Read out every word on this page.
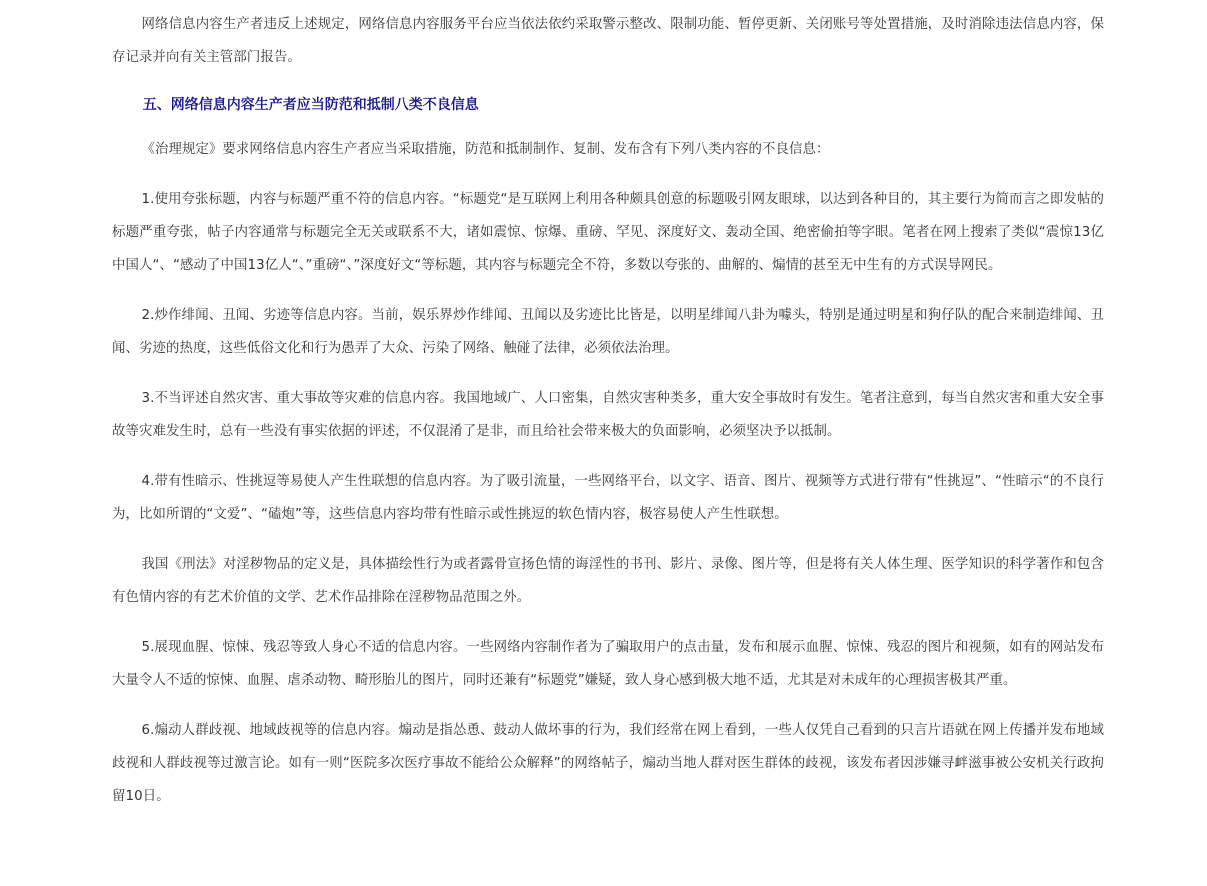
网络信息内容生产者违反上述规定，网络信息内容服务平台应当依法依约采取警示整改、限制功能、暂停更新、关闭账号等处置措施，及时消除违法信息内容，保存记录并向有关主管部门报告。

五、网络信息内容生产者应当防范和抵制八类不良信息

《治理规定》要求网络信息内容生产者应当采取措施，防范和抵制制作、复制、发布含有下列八类内容的不良信息：

1.使用夸张标题，内容与标题严重不符的信息内容。“标题党“是互联网上利用各种颇具创意的标题吸引网友眼球，以达到各种目的，其主要行为简而言之即发帖的标题严重夸张，帖子内容通常与标题完全无关或联系不大，诸如震惊、惊爆、重磅、罕见、深度好文、轰动全国、绝密偷拍等字眼。笔者在网上搜索了类似“震惊13亿中国人“、“感动了中国13亿人“、”重磅“、”深度好文“等标题，其内容与标题完全不符，多数以夸张的、曲解的、煽情的甚至无中生有的方式误导网民。

2.炒作绯闻、丑闻、劣迹等信息内容。当前，娱乐界炒作绯闻、丑闻以及劣迹比比皆是，以明星绯闻八卦为噱头，特别是通过明星和狗仔队的配合来制造绯闻、丑闻、劣迹的热度，这些低俗文化和行为愚弄了大众、污染了网络、触碰了法律，必须依法治理。

3.不当评述自然灾害、重大事故等灾难的信息内容。我国地域广、人口密集，自然灾害种类多，重大安全事故时有发生。笔者注意到，每当自然灾害和重大安全事故等灾难发生时，总有一些没有事实依据的评述，不仅混淆了是非，而且给社会带来极大的负面影响，必须坚决予以抵制。

4.带有性暗示、性挑逗等易使人产生性联想的信息内容。为了吸引流量，一些网络平台，以文字、语音、图片、视频等方式进行带有“性挑逗”、“性暗示“的不良行为，比如所谓的“文爱”、“磕炮”等，这些信息内容均带有性暗示或性挑逗的软色情内容，极容易使人产生性联想。

我国《刑法》对淫秽物品的定义是，具体描绘性行为或者露骨宣扬色情的诲淫性的书刊、影片、录像、图片等，但是将有关人体生理、医学知识的科学著作和包含有色情内容的有艺术价值的文学、艺术作品排除在淫秽物品范围之外。

5.展现血腥、惊悚、残忍等致人身心不适的信息内容。一些网络内容制作者为了骗取用户的点击量，发布和展示血腥、惊悚、残忍的图片和视频，如有的网站发布大量令人不适的惊悚、血腥、虐杀动物、畸形胎儿的图片，同时还兼有“标题党”嫌疑，致人身心感到极大地不适，尤其是对未成年的心理损害极其严重。

6.煽动人群歧视、地域歧视等的信息内容。煽动是指怂恿、鼓动人做坏事的行为，我们经常在网上看到，一些人仅凭自己看到的只言片语就在网上传播并发布地域歧视和人群歧视等过激言论。如有一则“医院多次医疗事故不能给公众解释”的网络帖子，煽动当地人群对医生群体的歧视，该发布者因涉嫌寻衅滋事被公安机关行政拘留10日。
